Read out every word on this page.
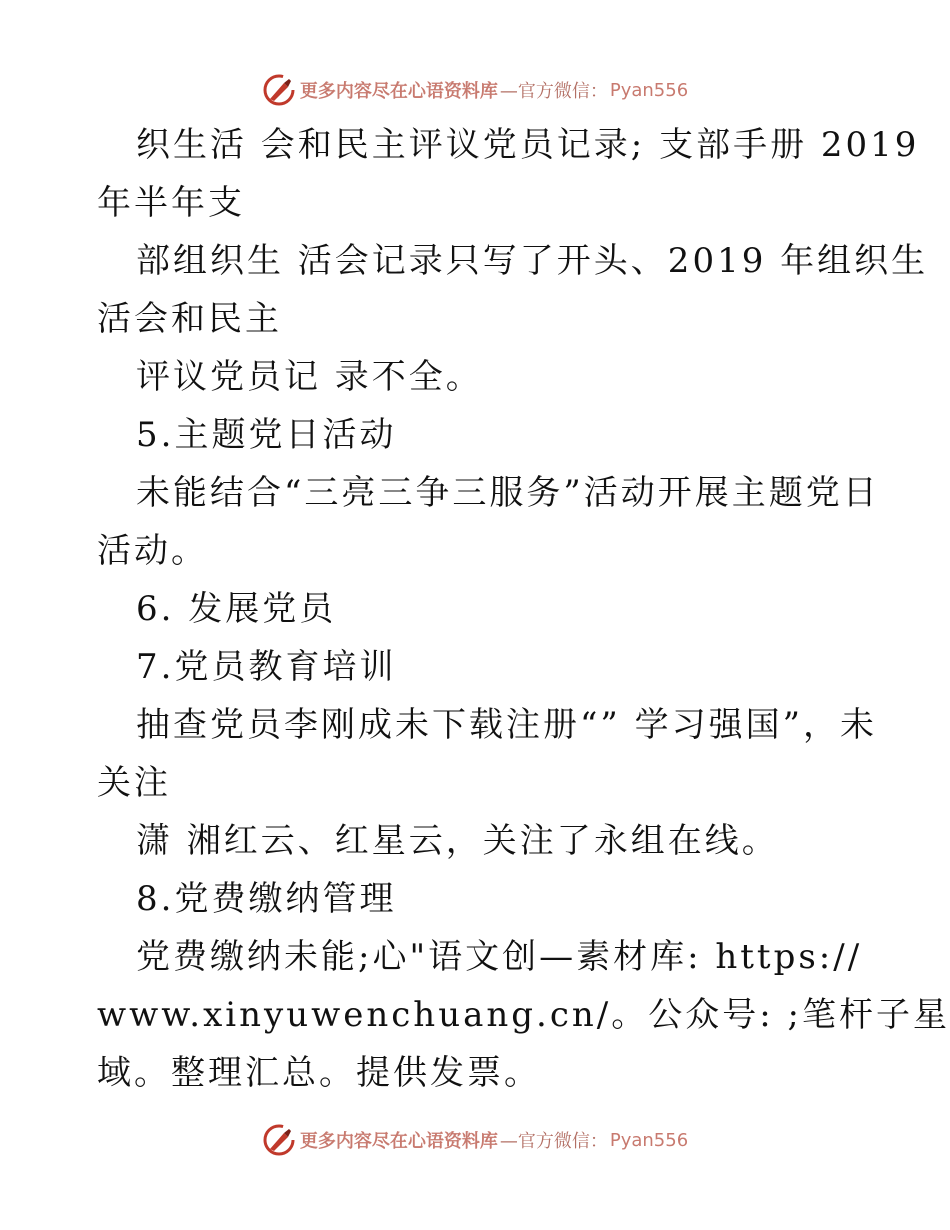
更多内容尽在心语资料库 —官方微信： Pyan556
织生活 会和民主评议党员记录; 支部手册 2019
年半年支
部组织生 活会记录只写了开头、2019 年组织生
活会和民主
评议党员记 录不全。
5.主题党日活动
未能结合“三亮三争三服务”活动开展主题党日
活动。
6. 发展党员
7.党员教育培训
抽查党员李刚成未下载注册“” 学习强国”，未
关注
潇 湘红云、红星云，关注了永组在线。
8.党费缴纳管理
党费缴纳未能;心"语文创—素材库: https://
www.xinyuwenchuang.cn/。公众号: ;笔杆子星
域。整理汇总。提供发票。
更多内容尽在心语资料库 —官方微信： Pyan556
